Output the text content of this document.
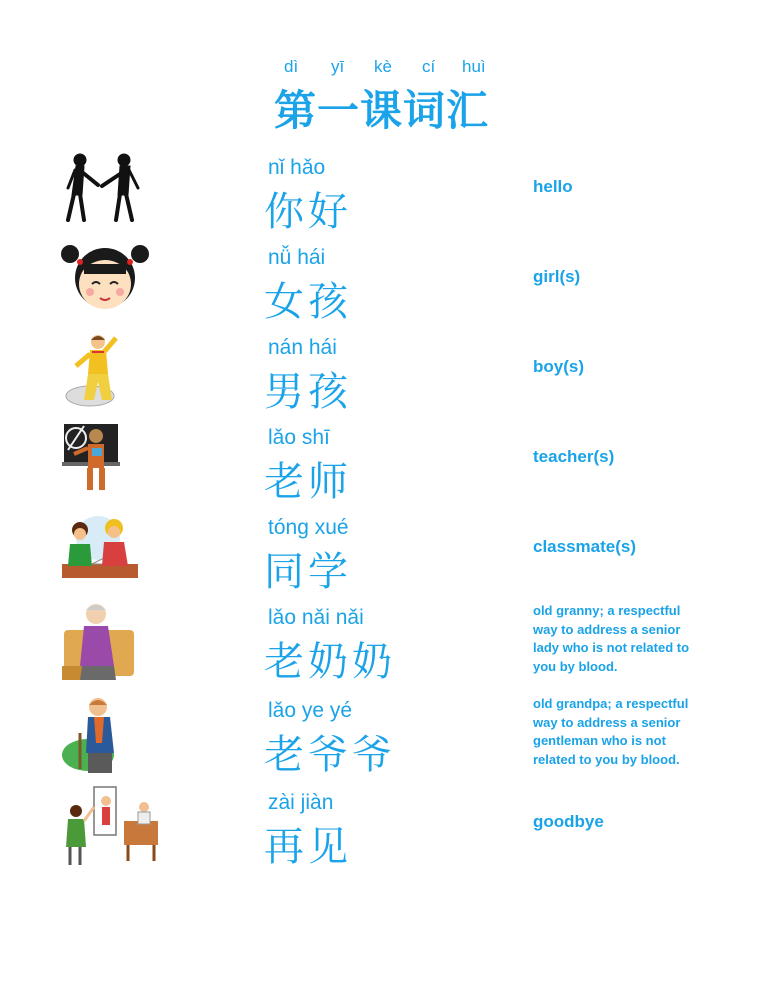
dì yī kè cí huì
第一课词汇
nǐ hǎo
你好
hello
nǚ hái
女孩
girl(s)
nán hái
男孩
boy(s)
lǎo shī
老师
teacher(s)
tóng xué
同学
classmate(s)
lǎo nǎi nǎi
老奶奶
old granny; a respectful way to address a senior lady who is not related to you by blood.
lǎo ye yé
老爷爷
old grandpa; a respectful way to address a senior gentleman who is not related to you by blood.
zài jiàn
再见
goodbye
